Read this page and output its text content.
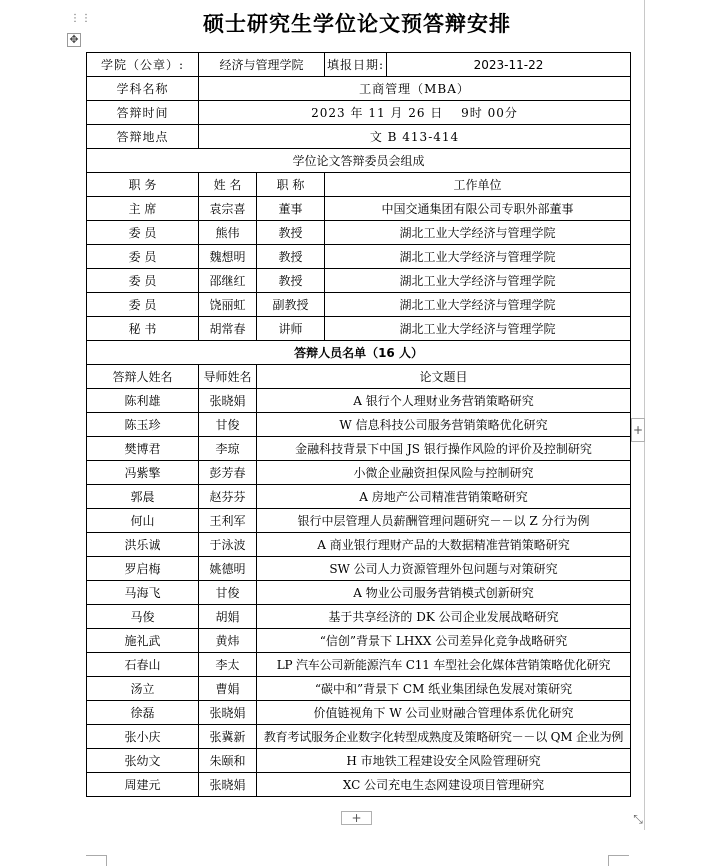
硕士研究生学位论文预答辩安排
⋮⋮
✥
学院（公章）:	经济与管理学院		填报日期:	2023-11-22
学科名称	工商管理（MBA）			
答辩时间	2023 年 11 月 26 日　 9时 00分			
答辩地点	文 B 413-414			
学位论文答辩委员会组成				
职 务	姓 名	职 称	工作单位	
主 席	袁宗喜	董事	中国交通集团有限公司专职外部董事	
委 员	熊伟	教授	湖北工业大学经济与管理学院	
委 员	魏想明	教授	湖北工业大学经济与管理学院	
委 员	邵继红	教授	湖北工业大学经济与管理学院	
委 员	饶丽虹	副教授	湖北工业大学经济与管理学院	
秘 书	胡常春	讲师	湖北工业大学经济与管理学院	
答辩人员名单（16 人）				
答辩人姓名	导师姓名	论文题目		
陈利雄	张晓娟	A 银行个人理财业务营销策略研究		
陈玉珍	甘俊	W 信息科技公司服务营销策略优化研究		
樊博君	李琼	金融科技背景下中国 JS 银行操作风险的评价及控制研究		
冯紫擎	彭芳春	小微企业融资担保风险与控制研究		
郭晨	赵芬芬	A 房地产公司精准营销策略研究		
何山	王利军	银行中层管理人员薪酬管理问题研究－－以 Z 分行为例		
洪乐诚	于泳波	A 商业银行理财产品的大数据精准营销策略研究		
罗启梅	姚德明	SW 公司人力资源管理外包问题与对策研究		
马海飞	甘俊	A 物业公司服务营销模式创新研究		
马俊	胡娟	基于共享经济的 DK 公司企业发展战略研究		
施礼武	黄炜	“信创”背景下 LHXX 公司差异化竞争战略研究		
石春山	李太	LP 汽车公司新能源汽车 C11 车型社会化媒体营销策略优化研究		
汤立	曹娟	“碳中和”背景下 CM 纸业集团绿色发展对策研究		
徐磊	张晓娟	价值链视角下 W 公司业财融合管理体系优化研究		
张小庆	张冀新	教育考试服务企业数字化转型成熟度及策略研究－－以 QM 企业为例		
张幼文	朱颐和	H 市地铁工程建设安全风险管理研究		
周建元	张晓娟	XC 公司充电生态网建设项目管理研究		
+
+	⤡
